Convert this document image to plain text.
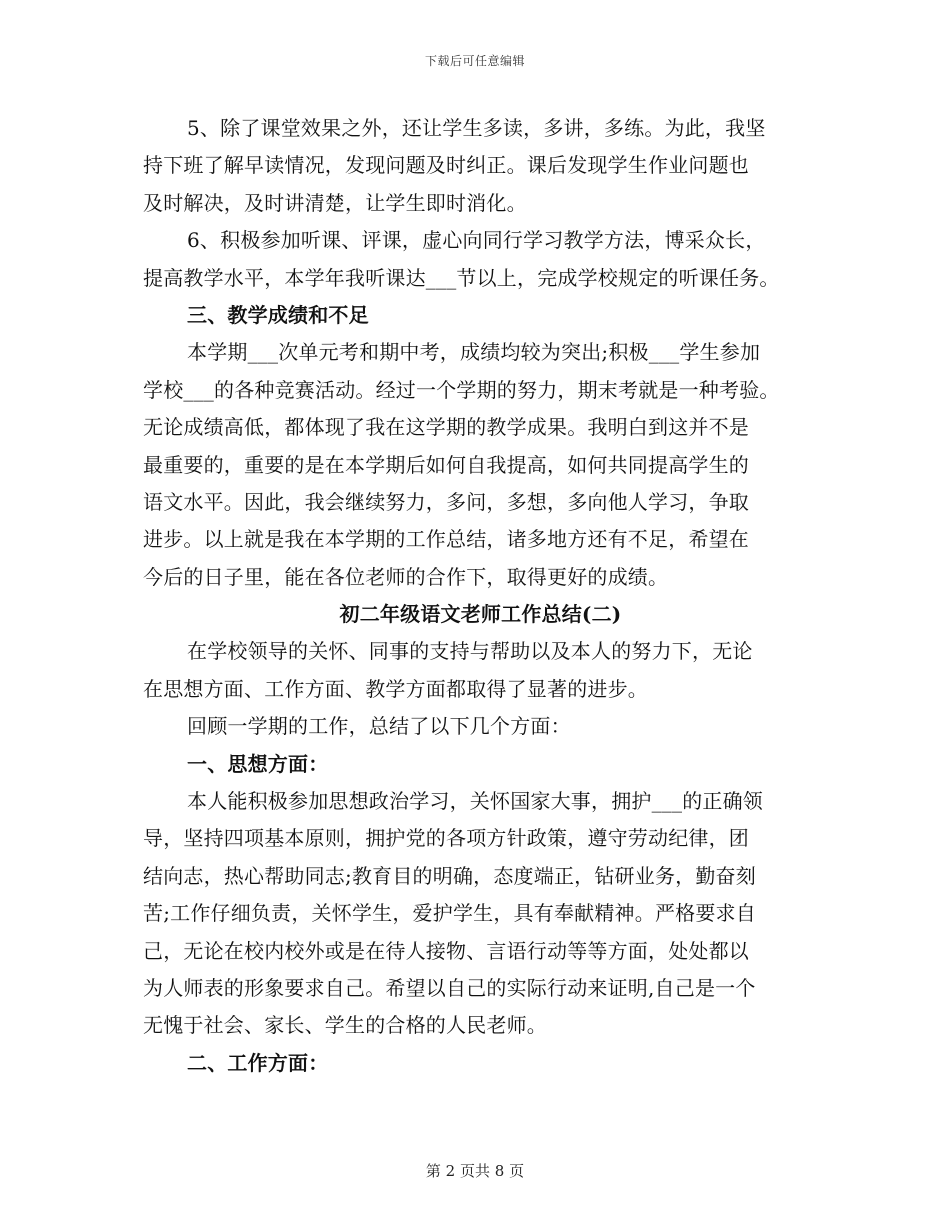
下载后可任意编辑
5、除了课堂效果之外，还让学生多读，多讲，多练。为此，我坚
持下班了解早读情况，发现问题及时纠正。课后发现学生作业问题也
及时解决，及时讲清楚，让学生即时消化。
6、积极参加听课、评课，虚心向同行学习教学方法，博采众长，
提高教学水平，本学年我听课达___节以上，完成学校规定的听课任务。
三、教学成绩和不足
本学期___次单元考和期中考，成绩均较为突出;积极___学生参加
学校___的各种竞赛活动。经过一个学期的努力，期末考就是一种考验。
无论成绩高低，都体现了我在这学期的教学成果。我明白到这并不是
最重要的，重要的是在本学期后如何自我提高，如何共同提高学生的
语文水平。因此，我会继续努力，多问，多想，多向他人学习，争取
进步。以上就是我在本学期的工作总结，诸多地方还有不足，希望在
今后的日子里，能在各位老师的合作下，取得更好的成绩。
初二年级语文老师工作总结(二)
在学校领导的关怀、同事的支持与帮助以及本人的努力下，无论
在思想方面、工作方面、教学方面都取得了显著的进步。
回顾一学期的工作，总结了以下几个方面：
一、思想方面：
本人能积极参加思想政治学习，关怀国家大事，拥护___的正确领
导，坚持四项基本原则，拥护党的各项方针政策，遵守劳动纪律，团
结向志，热心帮助同志;教育目的明确，态度端正，钻研业务，勤奋刻
苦;工作仔细负责，关怀学生，爱护学生，具有奉献精神。严格要求自
己，无论在校内校外或是在待人接物、言语行动等等方面，处处都以
为人师表的形象要求自己。希望以自己的实际行动来证明,自己是一个
无愧于社会、家长、学生的合格的人民老师。
二、工作方面：
第 2 页共 8 页
